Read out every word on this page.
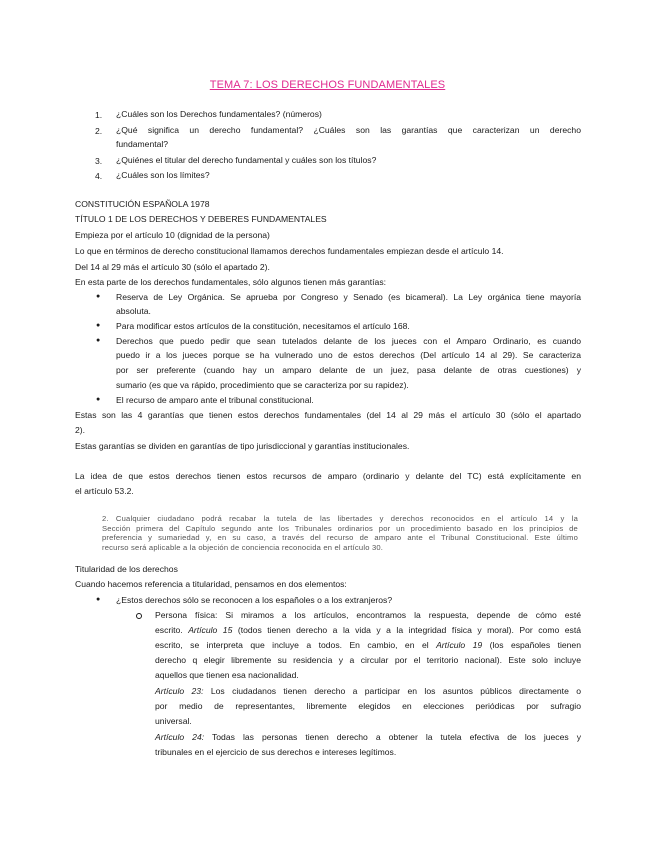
TEMA 7: LOS DERECHOS FUNDAMENTALES
1. ¿Cuáles son los Derechos fundamentales? (números)
2. ¿Qué significa un derecho fundamental? ¿Cuáles son las garantías que caracterizan un derecho
fundamental?
3. ¿Quiénes el titular del derecho fundamental y cuáles son los títulos?
4. ¿Cuáles son los límites?
CONSTITUCIÓN ESPAÑOLA 1978
TÍTULO 1 DE LOS DERECHOS Y DEBERES FUNDAMENTALES
Empieza por el artículo 10 (dignidad de la persona)
Lo que en términos de derecho constitucional llamamos derechos fundamentales empiezan desde el artículo 14.
Del 14 al 29 más el artículo 30 (sólo el apartado 2).
En esta parte de los derechos fundamentales, sólo algunos tienen más garantías:
● Reserva de Ley Orgánica. Se aprueba por Congreso y Senado (es bicameral). La Ley orgánica tiene mayoría
absoluta.
● Para modificar estos artículos de la constitución, necesitamos el artículo 168.
● Derechos que puedo pedir que sean tutelados delante de los jueces con el Amparo Ordinario, es cuando
puedo ir a los jueces porque se ha vulnerado uno de estos derechos (Del artículo 14 al 29). Se caracteriza
por ser preferente (cuando hay un amparo delante de un juez, pasa delante de otras cuestiones) y
sumario (es que va rápido, procedimiento que se caracteriza por su rapidez).
● El recurso de amparo ante el tribunal constitucional.
Estas son las 4 garantías que tienen estos derechos fundamentales (del 14 al 29 más el artículo 30 (sólo el apartado
2).
Estas garantías se dividen en garantías de tipo jurisdiccional y garantías institucionales.
La idea de que estos derechos tienen estos recursos de amparo (ordinario y delante del TC) está explícitamente en
el artículo 53.2.
2. Cualquier ciudadano podrá recabar la tutela de las libertades y derechos reconocidos en el artículo 14 y la
Sección primera del Capítulo segundo ante los Tribunales ordinarios por un procedimiento basado en los principios de
preferencia y sumariedad y, en su caso, a través del recurso de amparo ante el Tribunal Constitucional. Este último
recurso será aplicable a la objeción de conciencia reconocida en el artículo 30.
Titularidad de los derechos
Cuando hacemos referencia a titularidad, pensamos en dos elementos:
● ¿Estos derechos sólo se reconocen a los españoles o a los extranjeros?
Persona física: Si miramos a los artículos, encontramos la respuesta, depende de cómo esté
escrito. Artículo 15 (todos tienen derecho a la vida y a la integridad física y moral). Por como está
escrito, se interpreta que incluye a todos. En cambio, en el Artículo 19 (los españoles tienen
derecho q elegir libremente su residencia y a circular por el territorio nacional). Este solo incluye
aquellos que tienen esa nacionalidad.
Artículo 23: Los ciudadanos tienen derecho a participar en los asuntos públicos directamente o
por medio de representantes, libremente elegidos en elecciones periódicas por sufragio
universal.
Artículo 24: Todas las personas tienen derecho a obtener la tutela efectiva de los jueces y
tribunales en el ejercicio de sus derechos e intereses legítimos.
